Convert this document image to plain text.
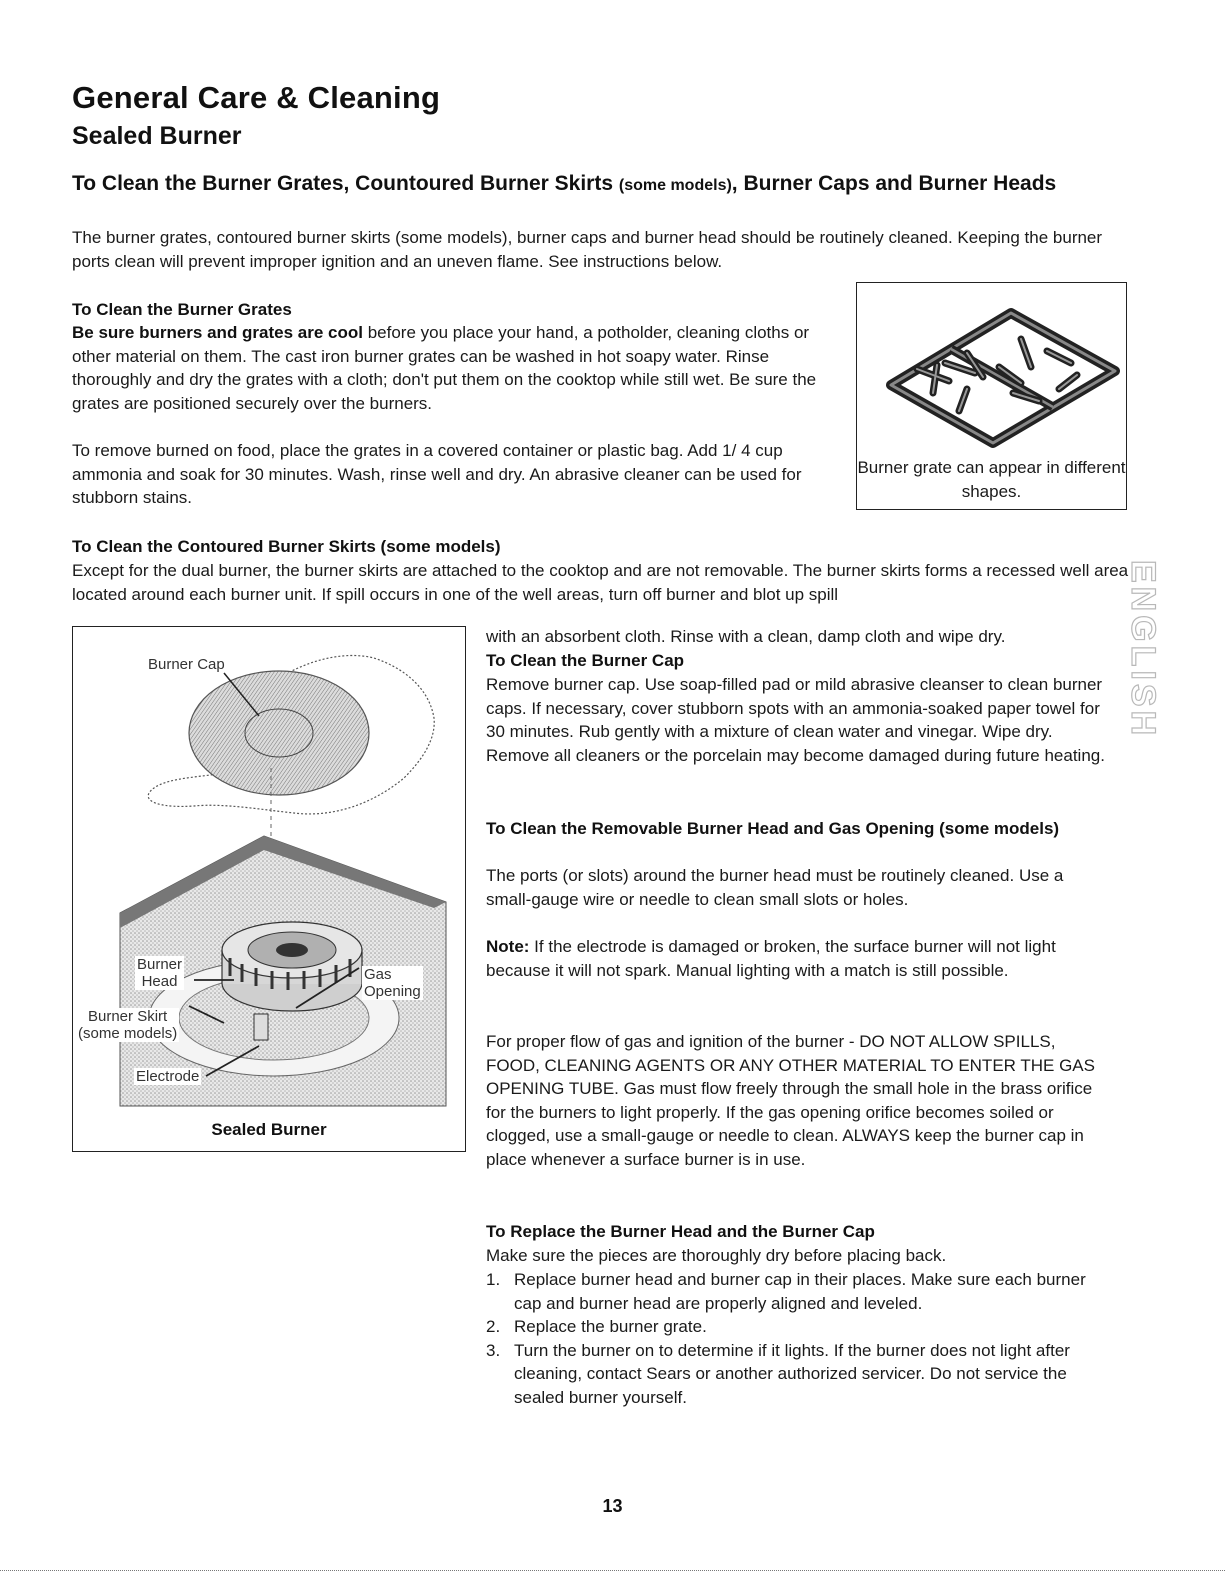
General Care & Cleaning
Sealed Burner
To Clean the Burner Grates, Countoured Burner Skirts (some models), Burner Caps and Burner Heads

The burner grates, contoured burner skirts (some models), burner caps and burner head should be routinely cleaned. Keeping the burner ports clean will prevent improper ignition and an uneven flame. See instructions below.

To Clean the Burner Grates

Be sure burners and grates are cool before you place your hand, a potholder, cleaning cloths or other material on them. The cast iron burner grates can be washed in hot soapy water. Rinse thoroughly and dry the grates with a cloth; don't put them on the cooktop while still wet. Be sure the grates are positioned securely over the burners.

To remove burned on food, place the grates in a covered container or plastic bag. Add 1/ 4 cup ammonia and soak for 30 minutes. Wash, rinse well and dry. An abrasive cleaner can be used for stubborn stains.

Burner grate can appear in different shapes.
To Clean the Contoured Burner Skirts (some models)

Except for the dual burner, the burner skirts are attached to the cooktop and are not removable. The burner skirts forms a recessed well area located around each burner unit. If spill occurs in one of the well areas, turn off burner and blot up spill

with an absorbent cloth. Rinse with a clean, damp cloth and wipe dry.

To Clean the Burner Cap

Remove burner cap. Use soap-filled pad or mild abrasive cleanser to clean burner caps. If necessary, cover stubborn spots with an ammonia-soaked paper towel for 30 minutes. Rub gently with a mixture of clean water and vinegar. Wipe dry. Remove all cleaners or the porcelain may become damaged during future heating.

To Clean the Removable Burner Head and Gas Opening (some models)

The ports (or slots) around the burner head must be routinely cleaned. Use a small-gauge wire or needle to clean small slots or holes.

Note: If the electrode is damaged or broken, the surface burner will not light because it will not spark. Manual lighting with a match is still possible.

For proper flow of gas and ignition of the burner - DO NOT ALLOW SPILLS, FOOD, CLEANING AGENTS OR ANY OTHER MATERIAL TO ENTER THE GAS OPENING TUBE. Gas must flow freely through the small hole in the brass orifice for the burners to light properly. If the gas opening orifice becomes soiled or clogged, use a small-gauge or needle to clean. ALWAYS keep the burner cap in place whenever a surface burner is in use.

To Replace the Burner Head and the Burner Cap

Make sure the pieces are thoroughly dry before placing back.

1. Replace burner head and burner cap in their places. Make sure each burner cap and burner head are properly aligned and leveled.
2. Replace the burner grate.
3. Turn the burner on to determine if it lights. If the burner does not light after cleaning, contact Sears or another authorized servicer. Do not service the sealed burner yourself.
Burner Cap
Burner
Head	Gas
Opening
Burner Skirt
(some models)
Electrode
Sealed Burner
ENGLISH
13
